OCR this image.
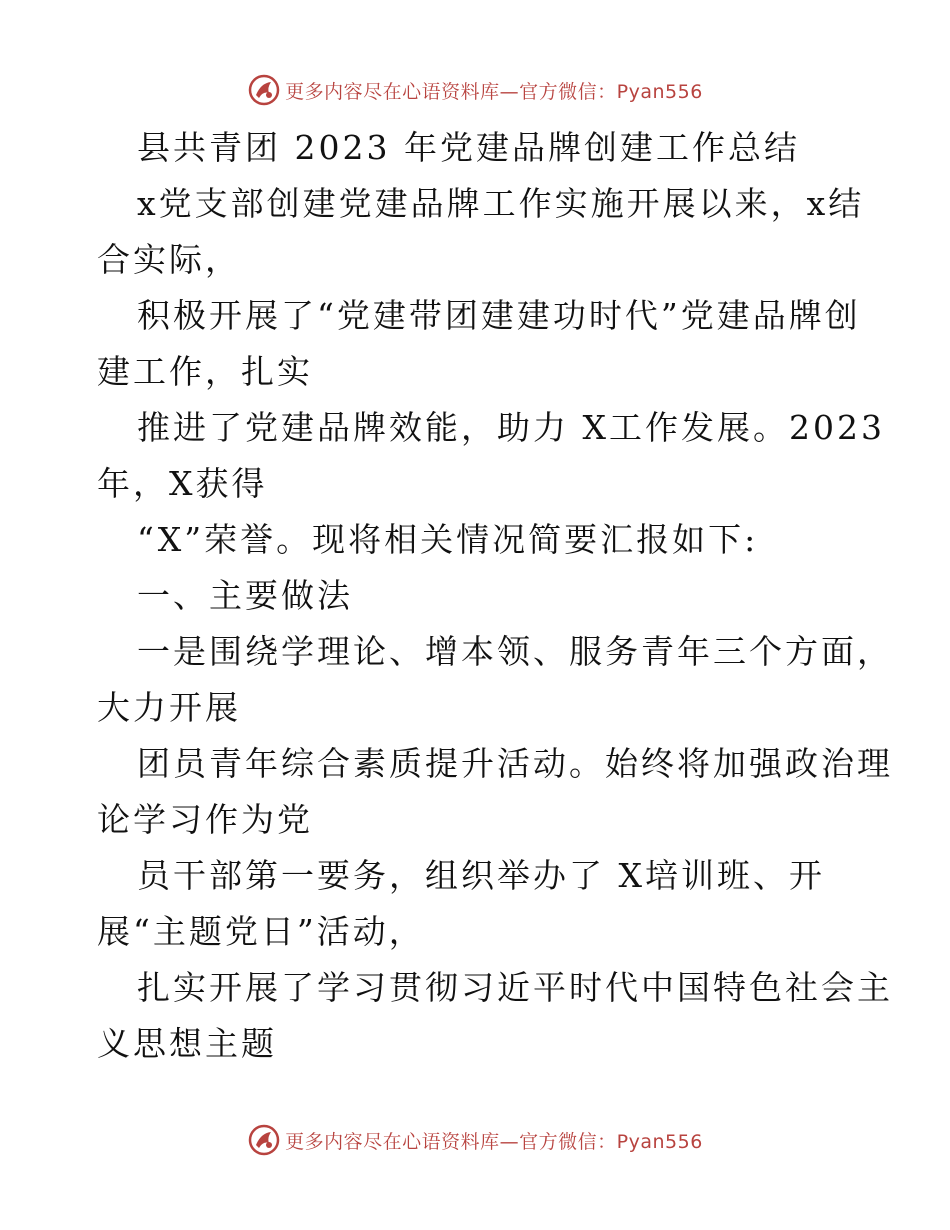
更多内容尽在心语资料库—官方微信：Pyan556
县共青团 2023 年党建品牌创建工作总结
x党支部创建党建品牌工作实施开展以来，x结
合实际，
积极开展了“党建带团建建功时代”党建品牌创
建工作，扎实
推进了党建品牌效能，助力 X工作发展。2023
年，X获得
“X”荣誉。现将相关情况简要汇报如下:
一、主要做法
一是围绕学理论、增本领、服务青年三个方面，
大力开展
团员青年综合素质提升活动。始终将加强政治理
论学习作为党
员干部第一要务，组织举办了 X培训班、开
展“主题党日”活动，
扎实开展了学习贯彻习近平时代中国特色社会主
义思想主题
更多内容尽在心语资料库—官方微信：Pyan556
